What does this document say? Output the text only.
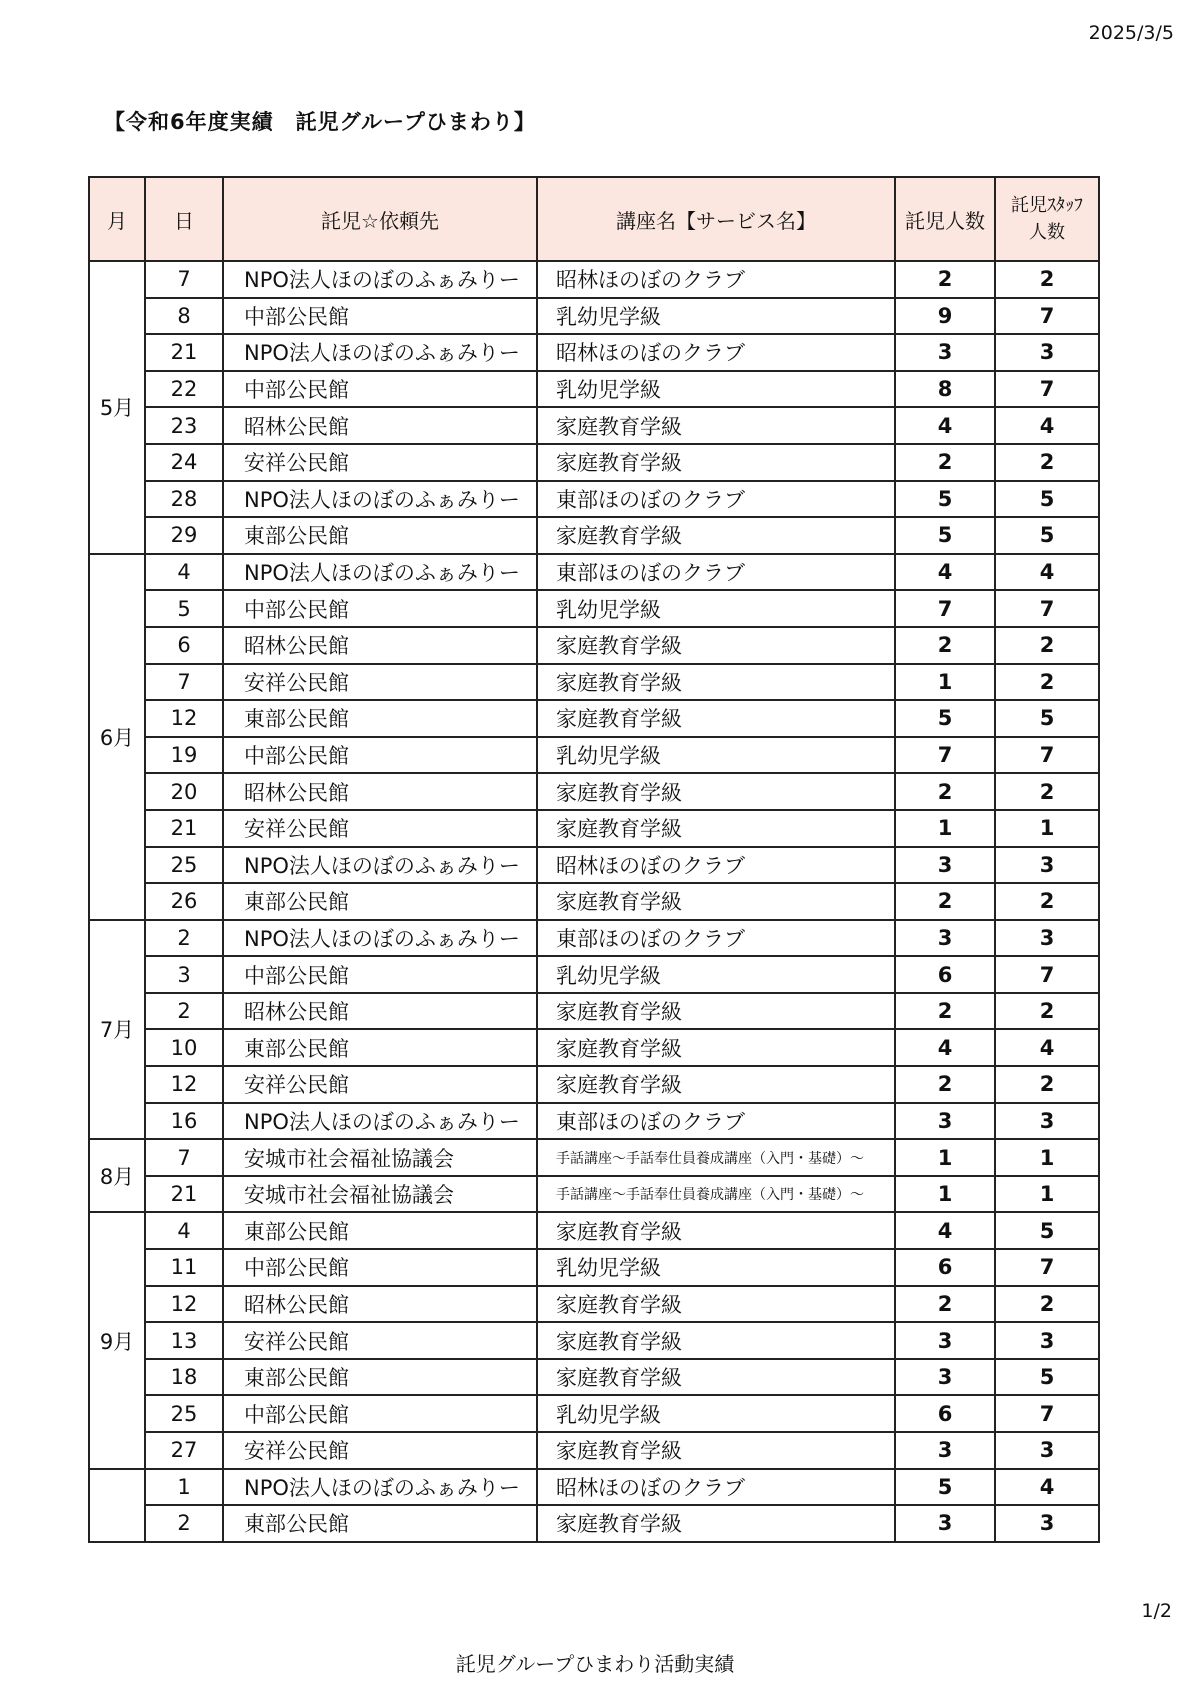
2025/3/5
【令和6年度実績　託児グループひまわり】
月	日	託児☆依頼先	講座名【サービス名】	託児人数	託児ｽﾀｯﾌ
人数
5月	7	NPO法人ほのぼのふぁみりー	昭林ほのぼのクラブ	2	2
	8	中部公民館	乳幼児学級	9	7
	21	NPO法人ほのぼのふぁみりー	昭林ほのぼのクラブ	3	3
	22	中部公民館	乳幼児学級	8	7
	23	昭林公民館	家庭教育学級	4	4
	24	安祥公民館	家庭教育学級	2	2
	28	NPO法人ほのぼのふぁみりー	東部ほのぼのクラブ	5	5
	29	東部公民館	家庭教育学級	5	5
6月	4	NPO法人ほのぼのふぁみりー	東部ほのぼのクラブ	4	4
	5	中部公民館	乳幼児学級	7	7
	6	昭林公民館	家庭教育学級	2	2
	7	安祥公民館	家庭教育学級	1	2
	12	東部公民館	家庭教育学級	5	5
	19	中部公民館	乳幼児学級	7	7
	20	昭林公民館	家庭教育学級	2	2
	21	安祥公民館	家庭教育学級	1	1
	25	NPO法人ほのぼのふぁみりー	昭林ほのぼのクラブ	3	3
	26	東部公民館	家庭教育学級	2	2
7月	2	NPO法人ほのぼのふぁみりー	東部ほのぼのクラブ	3	3
	3	中部公民館	乳幼児学級	6	7
	2	昭林公民館	家庭教育学級	2	2
	10	東部公民館	家庭教育学級	4	4
	12	安祥公民館	家庭教育学級	2	2
	16	NPO法人ほのぼのふぁみりー	東部ほのぼのクラブ	3	3
8月	7	安城市社会福祉協議会	手話講座～手話奉仕員養成講座（入門・基礎）～	1	1
	21	安城市社会福祉協議会	手話講座～手話奉仕員養成講座（入門・基礎）～	1	1
9月	4	東部公民館	家庭教育学級	4	5
	11	中部公民館	乳幼児学級	6	7
	12	昭林公民館	家庭教育学級	2	2
	13	安祥公民館	家庭教育学級	3	3
	18	東部公民館	家庭教育学級	3	5
	25	中部公民館	乳幼児学級	6	7
	27	安祥公民館	家庭教育学級	3	3
	1	NPO法人ほのぼのふぁみりー	昭林ほのぼのクラブ	5	4
	2	東部公民館	家庭教育学級	3	3
1/2
託児グループひまわり活動実績
